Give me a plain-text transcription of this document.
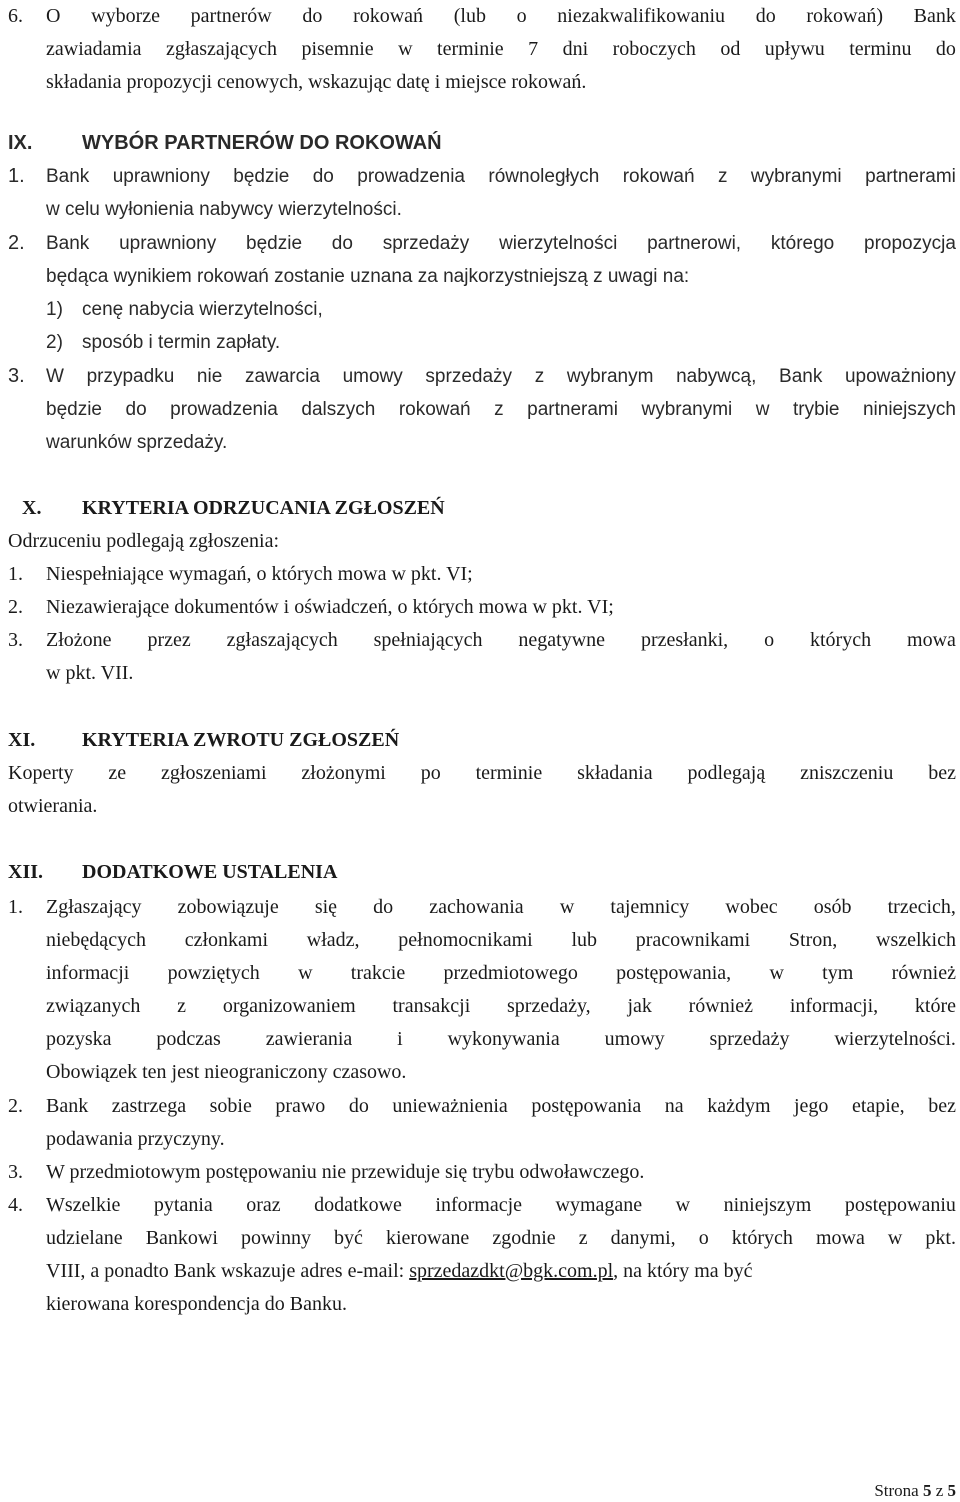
6. O wyborze partnerów do rokowań (lub o niezakwalifikowaniu do rokowań) Bank
zawiadamia zgłaszających pisemnie w terminie 7 dni roboczych od upływu terminu do
składania propozycji cenowych, wskazując datę i miejsce rokowań.
IX. WYBÓR PARTNERÓW DO ROKOWAŃ
1. Bank uprawniony będzie do prowadzenia równoległych rokowań z wybranymi partnerami
w celu wyłonienia nabywcy wierzytelności.
2. Bank uprawniony będzie do sprzedaży wierzytelności partnerowi, którego propozycja
będąca wynikiem rokowań zostanie uznana za najkorzystniejszą z uwagi na:
1) cenę nabycia wierzytelności,
2) sposób i termin zapłaty.
3. W przypadku nie zawarcia umowy sprzedaży z wybranym nabywcą, Bank upoważniony
będzie do prowadzenia dalszych rokowań z partnerami wybranymi w trybie niniejszych
warunków sprzedaży.
X. KRYTERIA ODRZUCANIA ZGŁOSZEŃ
Odrzuceniu podlegają zgłoszenia:
1. Niespełniające wymagań, o których mowa w pkt. VI;
2. Niezawierające dokumentów i oświadczeń, o których mowa w pkt. VI;
3. Złożone przez zgłaszających spełniających negatywne przesłanki, o których mowa
w pkt. VII.
XI. KRYTERIA ZWROTU ZGŁOSZEŃ
Koperty ze zgłoszeniami złożonymi po terminie składania podlegają zniszczeniu bez
otwierania.
XII. DODATKOWE USTALENIA
1. Zgłaszający zobowiązuje się do zachowania w tajemnicy wobec osób trzecich,
niebędących członkami władz, pełnomocnikami lub pracownikami Stron, wszelkich
informacji powziętych w trakcie przedmiotowego postępowania, w tym również
związanych z organizowaniem transakcji sprzedaży, jak również informacji, które
pozyska podczas zawierania i wykonywania umowy sprzedaży wierzytelności.
Obowiązek ten jest nieograniczony czasowo.
2. Bank zastrzega sobie prawo do unieważnienia postępowania na każdym jego etapie, bez
podawania przyczyny.
3. W przedmiotowym postępowaniu nie przewiduje się trybu odwoławczego.
4. Wszelkie pytania oraz dodatkowe informacje wymagane w niniejszym postępowaniu
udzielane Bankowi powinny być kierowane zgodnie z danymi, o których mowa w pkt.
VIII, a ponadto Bank wskazuje adres e-mail: sprzedazdkt@bgk.com.pl, na który ma być
kierowana korespondencja do Banku.
Strona 5 z 5
